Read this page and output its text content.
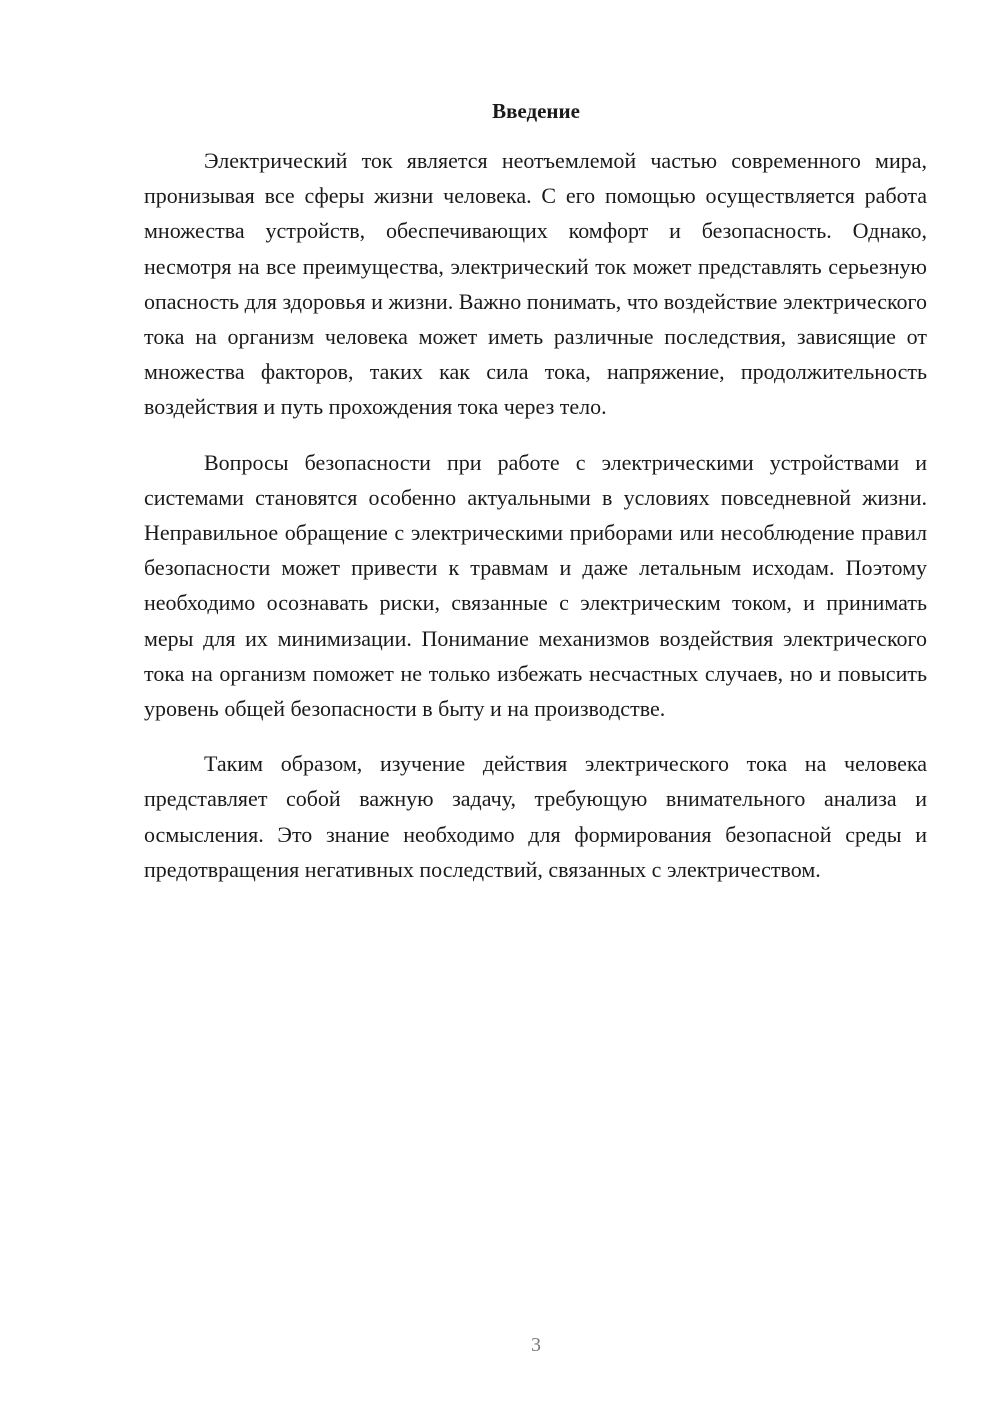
Введение

Электрический ток является неотъемлемой частью современного мира, пронизывая все сферы жизни человека. С его помощью осуществляется работа множества устройств, обеспечивающих комфорт и безопасность. Однако, несмотря на все преимущества, электрический ток может представлять серьезную опасность для здоровья и жизни. Важно понимать, что воздействие электрического тока на организм человека может иметь различные последствия, зависящие от множества факторов, таких как сила тока, напряжение, продолжительность воздействия и путь прохождения тока через тело.

Вопросы безопасности при работе с электрическими устройствами и системами становятся особенно актуальными в условиях повседневной жизни. Неправильное обращение с электрическими приборами или несоблюдение правил безопасности может привести к травмам и даже летальным исходам. Поэтому необходимо осознавать риски, связанные с электрическим током, и принимать меры для их минимизации. Понимание механизмов воздействия электрического тока на организм поможет не только избежать несчастных случаев, но и повысить уровень общей безопасности в быту и на производстве.

Таким образом, изучение действия электрического тока на человека представляет собой важную задачу, требующую внимательного анализа и осмысления. Это знание необходимо для формирования безопасной среды и предотвращения негативных последствий, связанных с электричеством.

3
